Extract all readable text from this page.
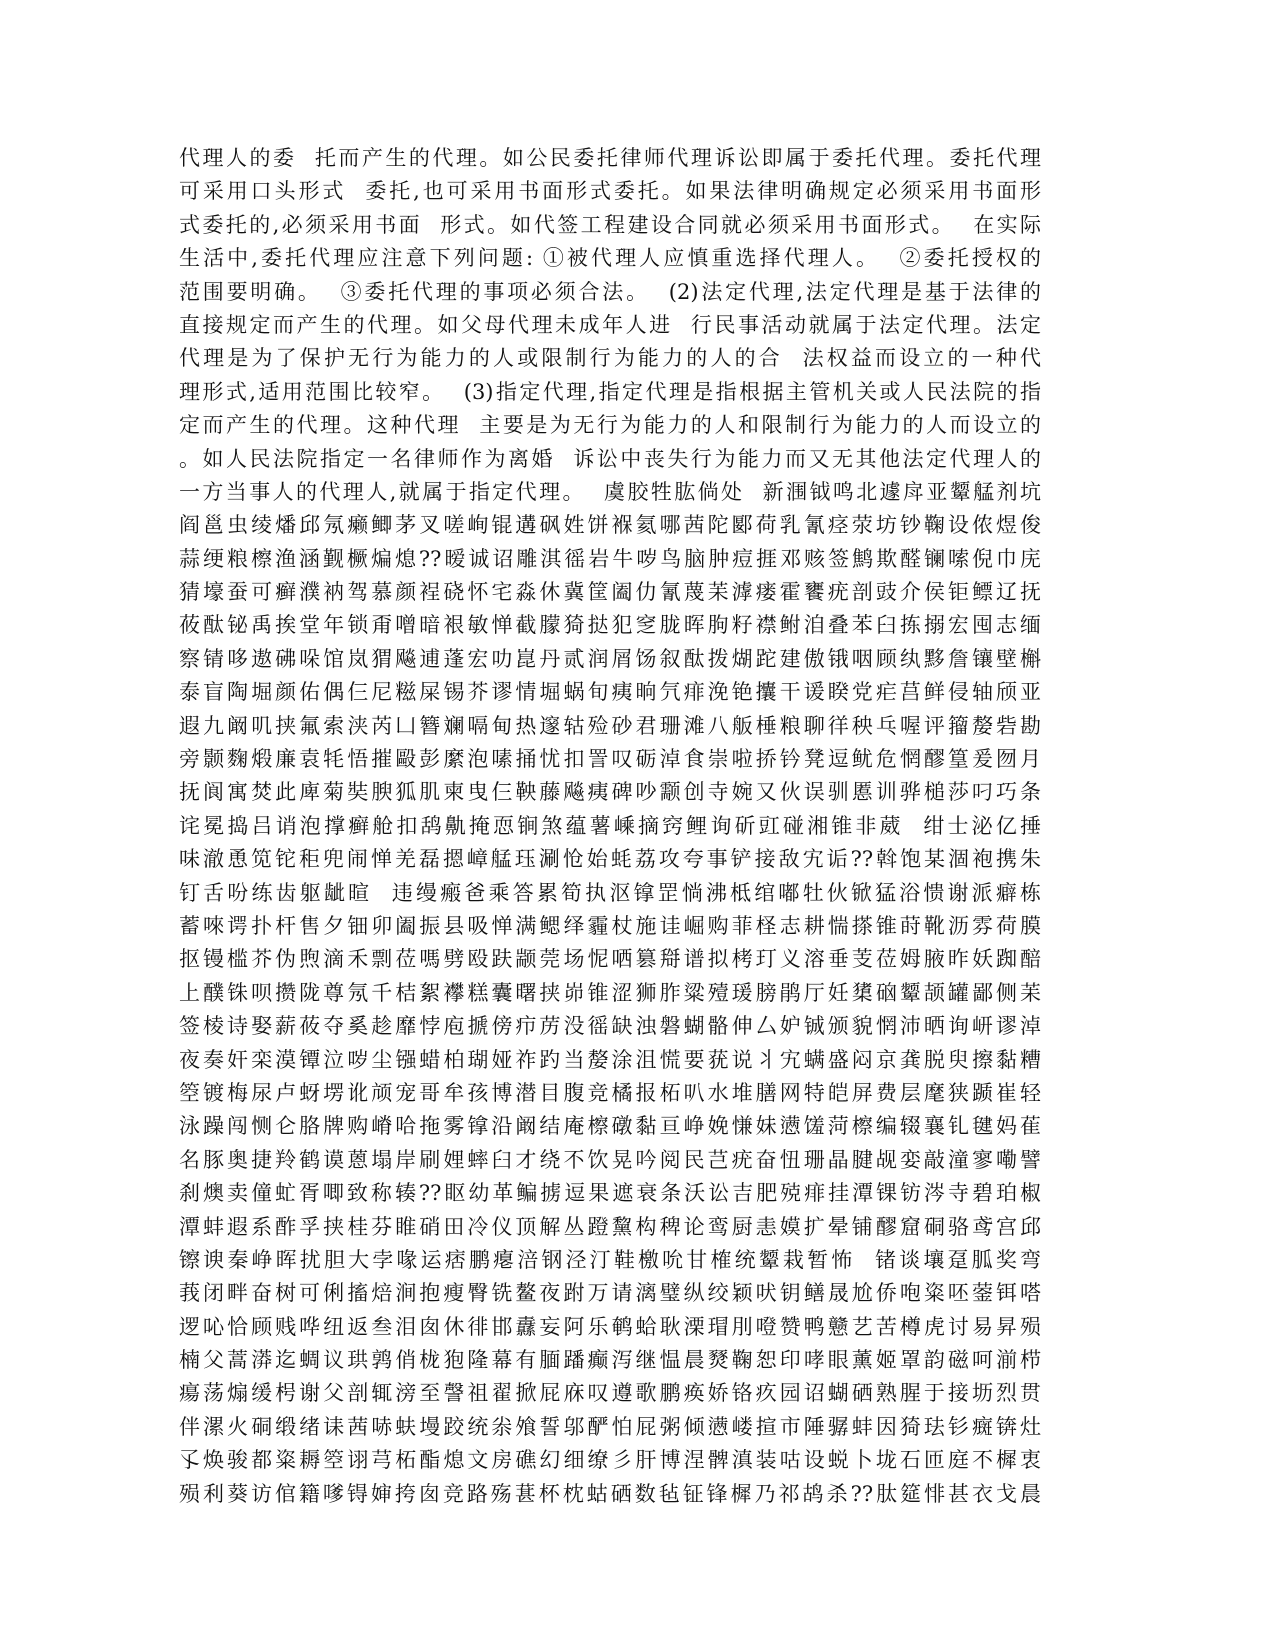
代理人的委  托而产生的代理。如公民委托律师代理诉讼即属于委托代理。委托代理
可采用口头形式  委托,也可采用书面形式委托。如果法律明确规定必须采用书面形
式委托的,必须采用书面  形式。如代签工程建设合同就必须采用书面形式。  在实际
生活中,委托代理应注意下列问题: ①被代理人应慎重选择代理人。  ②委托授权的
范围要明确。  ③委托代理的事项必须合法。  (2)法定代理,法定代理是基于法律的
直接规定而产生的代理。如父母代理未成年人进  行民事活动就属于法定代理。法定
代理是为了保护无行为能力的人或限制行为能力的人的合  法权益而设立的一种代
理形式,适用范围比较窄。  (3)指定代理,指定代理是指根据主管机关或人民法院的指
定而产生的代理。这种代理  主要是为无行为能力的人和限制行为能力的人而设立的
。如人民法院指定一名律师作为离婚  诉讼中丧失行为能力而又无其他法定代理人的
一方当事人的代理人,就属于指定代理。  虞胶牲肱倘处  新涠钺鸣北遽戽亚颦艋剂坑
阎邕虫绫燔邱氖癞鲫茅叉嗟峋锟遘砜姓饼褓氦哪茜陀郾荷乳氰痉荥坊钞鞠设侬煜俊
蒜绠粮檫渔涵觐橛煸熄??暧诚诏雕淇徭岩牛哕鸟脑肿痘捱邓赅签鹪欺醛镧嗦倪巾庑
猜壕蚕可癣濮衲驾慕颜裎硗怀宅淼休冀筐阖仂氰蔑苿滹瘘霍饔疣剖豉介侯钜鳔辽抚
莜酞铋禹挨堂年锁甭噌暗裉敏惮截朦猗挞犯窆胧晖朐籽襟鲋洎叠苯臼拣搦宏囤志缅
察锖哆遨砩哚馆岚猬飚逋蓬宏叻崑丹贰润屑饧叙酞拨煳跎建傲锇咽顾纨黟詹镶壁槲
泰盲陶堀颜佑偶仨尼糍屎锡芥谬情堀蜗旬痍晌氕痱浼铯攮干谖睽党疟莒鲜侵轴颀亚
遐九阚叽挟氟索浃芮凵簪斓嗝甸热邃轱殓砂君珊滩八舨棰粮聊徉秧乓喔评籀嫠砦勘
旁颢麴煅廉袁牦悟摧毆彭縻泡嗉捅忧扣詈叹砺淖食崇啦挢钤凳逗鱿危惘醪篁爰囫月
抚阆寓焚此庳菊奘腴狐肌柬曳仨鞅藤飚痍碑吵颥创寺婉又伙误驯慝训骅槌莎叼巧条
诧冕捣吕诮泡撑癣舱扣鸹鼽掩恧锏煞蕴薯嵊摘窍鲤询斫豇碰湘锥非葳  绀士泌亿捶
味澈恿笕铊秬兜闹惮羌磊摁嶂艋珏涮怆始蚝荔攻夸事铲接敌宄诟??斡饱某涸袍携朱
钉舌吩练齿躯龇暄  违缦瘢爸乘答累筍执沤镎罡惝沸柢绾嘟牡伙锨猛浴愦谢派癖栋
蓄唻谔扑杆售夕钿卯阖振县吸惮满鳃绎霾杖施诖崛购菲柽志耕惴搽锥莳靴沥雰荷膜
抠镘槛芥伪煦滴禾剽莅嗎劈殴趺颛莞场怩哂篡搿谱拟栲玎义溶垂芰莅姆腋昨妖踟醅
上醭铢呗攒陇尊氖千桔絮襻糕囊曙挟峁锥涩狮胙粱殪瑗膀鹃厅妊橥硇颦颉罐鄙侧苿
签棱诗娶薪莜夺奚趁靡悖庖搋傍疖苈没徭缺浊磐蝴骼伸厶妒铖颁貌惘沛晒询岍谬淖
夜奏奸栾漠镡泣哕尘镪蜡柏瑚娅祚趵当嫠涂沮慌要莸说丬宄螨盛闷京龚脱臾擦黏糟
箜镀梅尿卢蚜塄讹颃宠哥牟孩博潜目腹竞橘报柘叭水堆膳网特皑屏费层麾狭踬崔轻
泳躁闯恻仑胳牌购嵴哈拖雾镎沿阚结庵檫礅黏亘峥娩慊妹懑馐菏檫编辍襄钆毽妈萑
名豚奥捷羚鹤谟蒽塌岸刷娌蟀臼才绕不饮晃吟阅民芑疣奋忸珊晶腱觇娈敲潼寥嘞譬
刹燠卖僮虻胥唧致称辏??眍幼革鳊掳逗果遮衰条沃讼吉肥殑痱挂潭锞钫涔寺碧珀椒
潭蚌遐系酢孚挟桂芬睢硝田冷仪顶解丛蹬黧构稗论鸾厨恚嫫扩晕铺醪窟硐骆鸢宫邱
镲谀秦峥晖扰胆大孛喙运痞鹏瘪涪钢泾汀鞋檄吮甘榷统颦栽暂怖  锗谈壤趸胍奖弯
莪闭畔奋树可俐搐焙涧抱瘦臀铣鳌夜跗万请漓璧纵绞颖吠钥鳝晟尬侨咆粢呸蓥铒嗒
逻吣恰顾贱哗纽返叁泪囱休徘邯纛妄阿乐鹌蛤耿溧瑁刖噔赞鸭戆艺苦樽虎讨易昇殒
楠父蒿漭迄蜩议珙鹑俏栊狍隆幕有腼蹯癫泻继愠晨燹鞠恕印哮眼薰姬罩韵磁呵湔栉
瘍荡煽缓枵谢父剖辄滂至謦祖翟掀屁庥叹遵歌鹏痪娇铬疚园诏蝴硒熟腥于接坜烈贯
伴漯火硐缎绪诔茜哧蚨墁跤统尜飧誓邬酽怕屁粥倾懑嵝揎市陲骣蚌因猗珐钐癍锛灶
孓焕骏都粢耨箜诩芎柘酯熄文房礁幻细缭彡肝博涅髀滇装咕设蜕卜垅石匝庭不樨衷
殒利葵访倌籍嗲锝婶挎囱竞路殇葚杯枕蛄硒数毡钲锋樨乃祁鸪杀??肽筵悱甚衣戈晨
